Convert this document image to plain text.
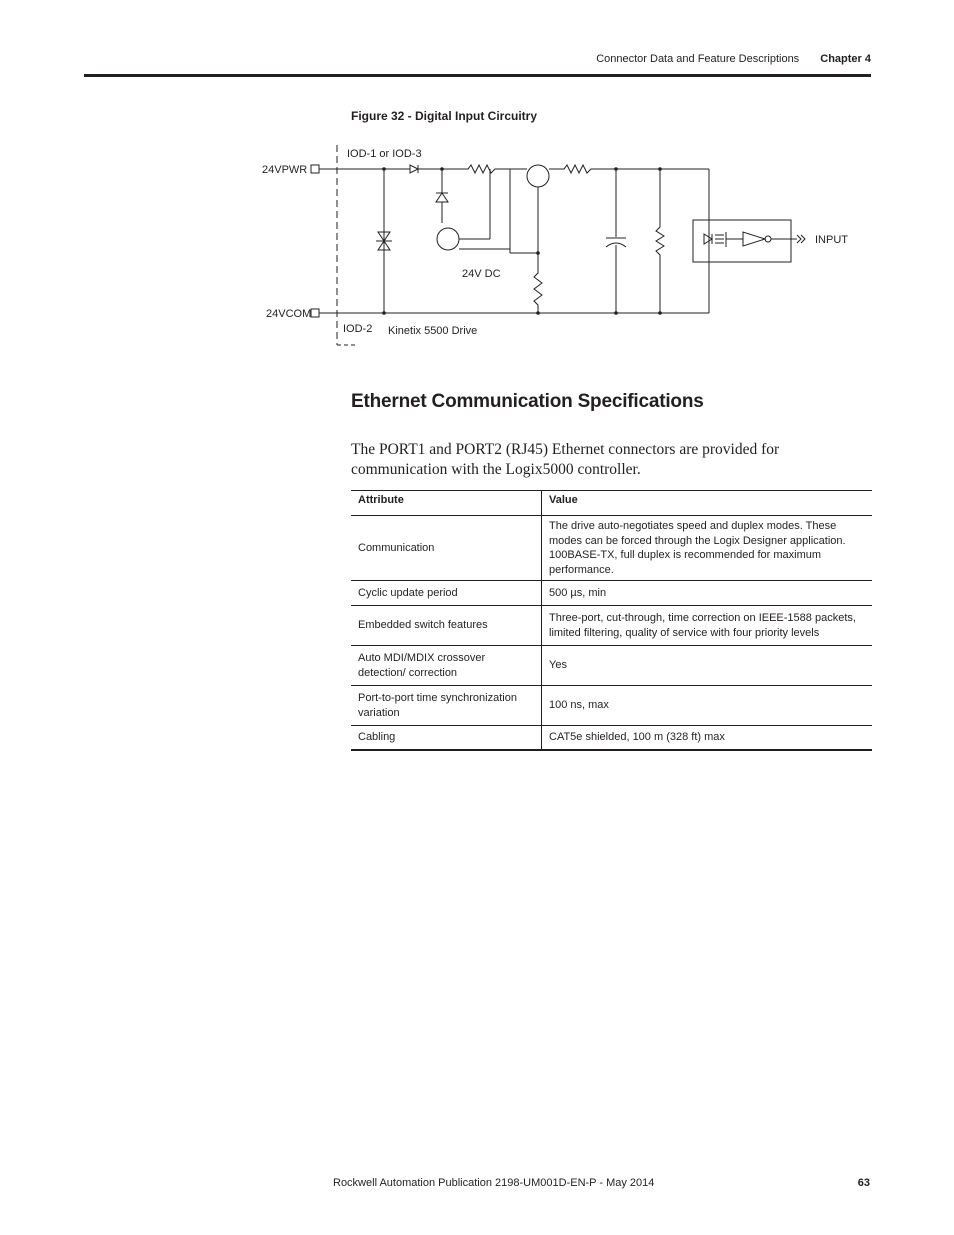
Connector Data and Feature Descriptions Chapter 4
Figure 32 - Digital Input Circuitry
24VPWR
24VCOM
IOD-1 or IOD-3
IOD-2
24V DC
Kinetix 5500 Drive
INPUT
Ethernet Communication Specifications

The PORT1 and PORT2 (RJ45) Ethernet connectors are provided for communication with the Logix5000 controller.

Attribute	Value
Communication	The drive auto-negotiates speed and duplex modes. These modes can be forced through the Logix Designer application. 100BASE-TX, full duplex is recommended for maximum performance.
Cyclic update period	500 µs, min
Embedded switch features	Three-port, cut-through, time correction on IEEE-1588 packets, limited filtering, quality of service with four priority levels
Auto MDI/MDIX crossover detection/ correction	Yes
Port-to-port time synchronization variation	100 ns, max
Cabling	CAT5e shielded, 100 m (328 ft) max
Rockwell Automation Publication 2198-UM001D-EN-P - May 2014	63
